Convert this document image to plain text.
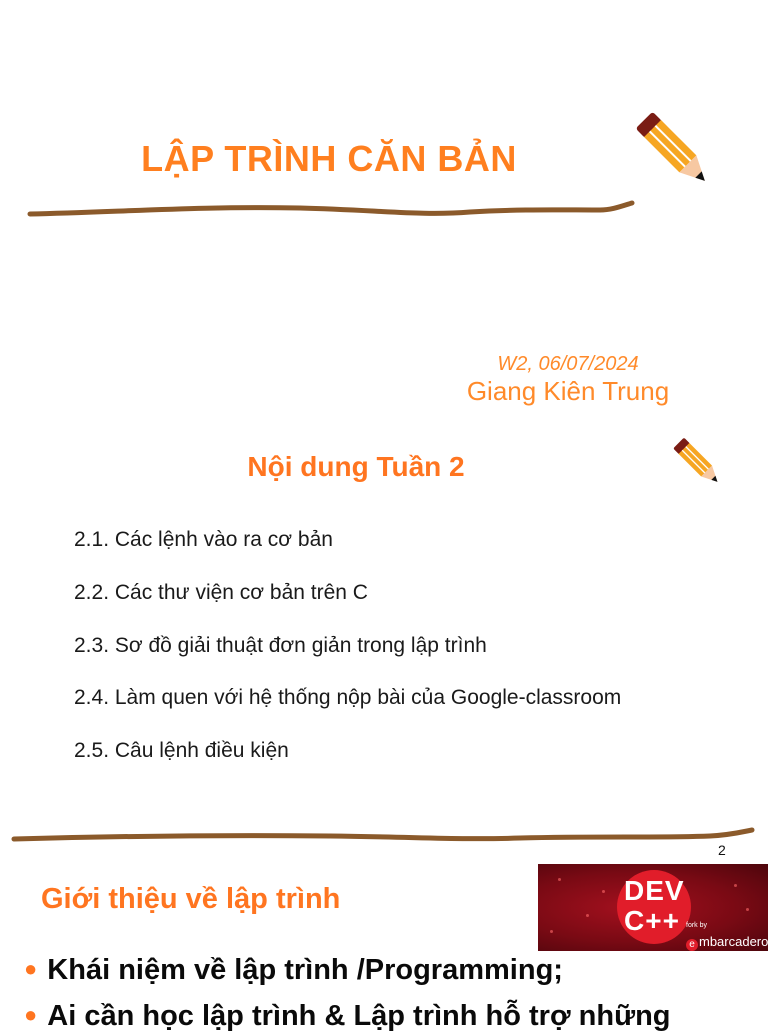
LẬP TRÌNH CĂN BẢN
W2, 06/07/2024
Giang Kiên Trung
Nội dung Tuần 2
2.1. Các lệnh vào ra cơ bản
2.2. Các thư viện cơ bản trên C
2.3. Sơ đồ giải thuật đơn giản trong lập trình
2.4. Làm quen với hệ thống nộp bài của Google-classroom
2.5. Câu lệnh điều kiện
2
Giới thiệu về lập trình	DEV
C++ fork by
e mbarcadero
● Khái niệm về lập trình /Programming;
● Ai cần học lập trình & Lập trình hỗ trợ những
